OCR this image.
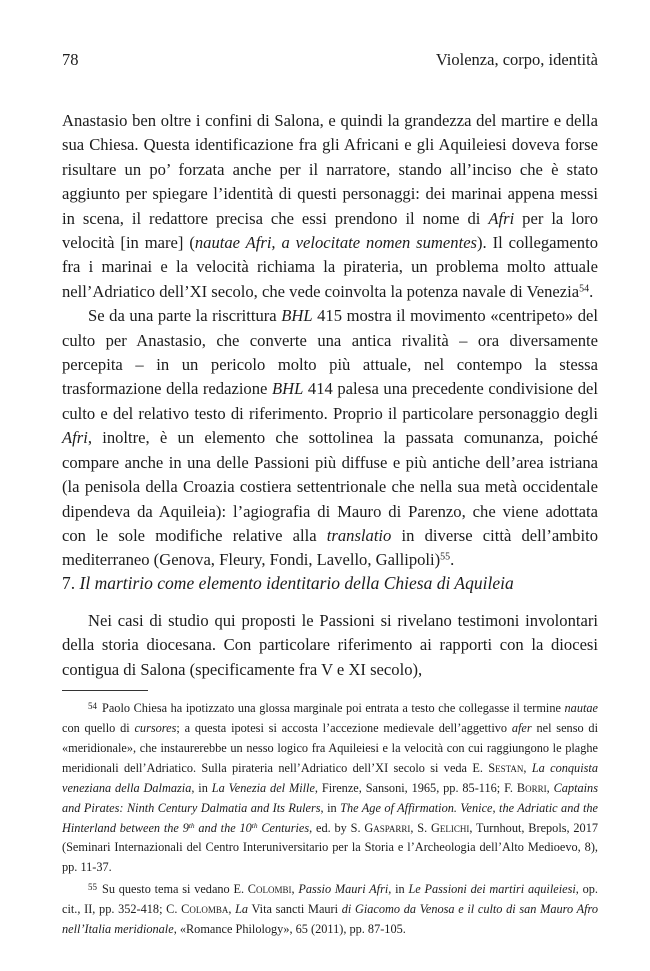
78	Violenza, corpo, identità

Anastasio ben oltre i confini di Salona, e quindi la grandezza del martire e della sua Chiesa. Questa identificazione fra gli Africani e gli Aquileiesi doveva forse risultare un po’ forzata anche per il narratore, stando all’inciso che è stato aggiunto per spiegare l’identità di questi personaggi: dei marinai appena messi in scena, il redattore precisa che essi prendono il nome di Afri per la loro velocità [in mare] (nautae Afri, a velocitate nomen sumentes). Il collegamento fra i marinai e la velocità richiama la pirateria, un problema molto attuale nell’Adriatico dell’XI secolo, che vede coinvolta la potenza navale di Venezia$^{54}$.

Se da una parte la riscrittura BHL 415 mostra il movimento «centripeto» del culto per Anastasio, che converte una antica rivalità – ora diversamente percepita – in un pericolo molto più attuale, nel contempo la stessa trasformazione della redazione BHL 414 palesa una precedente condivisione del culto e del relativo testo di riferimento. Proprio il particolare personaggio degli Afri, inoltre, è un elemento che sottolinea la passata comunanza, poiché compare anche in una delle Passioni più diffuse e più antiche dell’area istriana (la penisola della Croazia costiera settentrionale che nella sua metà occidentale dipendeva da Aquileia): l’agiografia di Mauro di Parenzo, che viene adottata con le sole modifiche relative alla translatio in diverse città dell’ambito mediterraneo (Genova, Fleury, Fondi, Lavello, Gallipoli)$^{55}$.

7. Il martirio come elemento identitario della Chiesa di Aquileia

Nei casi di studio qui proposti le Passioni si rivelano testimoni involontari della storia diocesana. Con particolare riferimento ai rapporti con la diocesi contigua di Salona (specificamente fra V e XI secolo),

$^{54}$ Paolo Chiesa ha ipotizzato una glossa marginale poi entrata a testo che collegasse il termine nautae con quello di cursores; a questa ipotesi si accosta l’accezione medievale dell’aggettivo afer nel senso di «meridionale», che instaurerebbe un nesso logico fra Aquileiesi e la velocità con cui raggiungono le plaghe meridionali dell’Adriatico. Sulla pirateria nell’Adriatico dell’XI secolo si veda E. Sestan, La conquista veneziana della Dalmazia, in La Venezia del Mille, Firenze, Sansoni, 1965, pp. 85-116; F. Borri, Captains and Pirates: Ninth Century Dalmatia and Its Rulers, in The Age of Affirmation. Venice, the Adriatic and the Hinterland between the 9th and the 10th Centuries, ed. by S. Gasparri, S. Gelichi, Turnhout, Brepols, 2017 (Seminari Internazionali del Centro Interuniversitario per la Storia e l’Archeologia dell’Alto Medioevo, 8), pp. 11-37.

$^{55}$ Su questo tema si vedano E. Colombi, Passio Mauri Afri, in Le Passioni dei martiri aquileiesi, op. cit., II, pp. 352-418; C. Colomba, La Vita sancti Mauri di Giacomo da Venosa e il culto di san Mauro Afro nell’Italia meridionale, «Romance Philology», 65 (2011), pp. 87-105.
